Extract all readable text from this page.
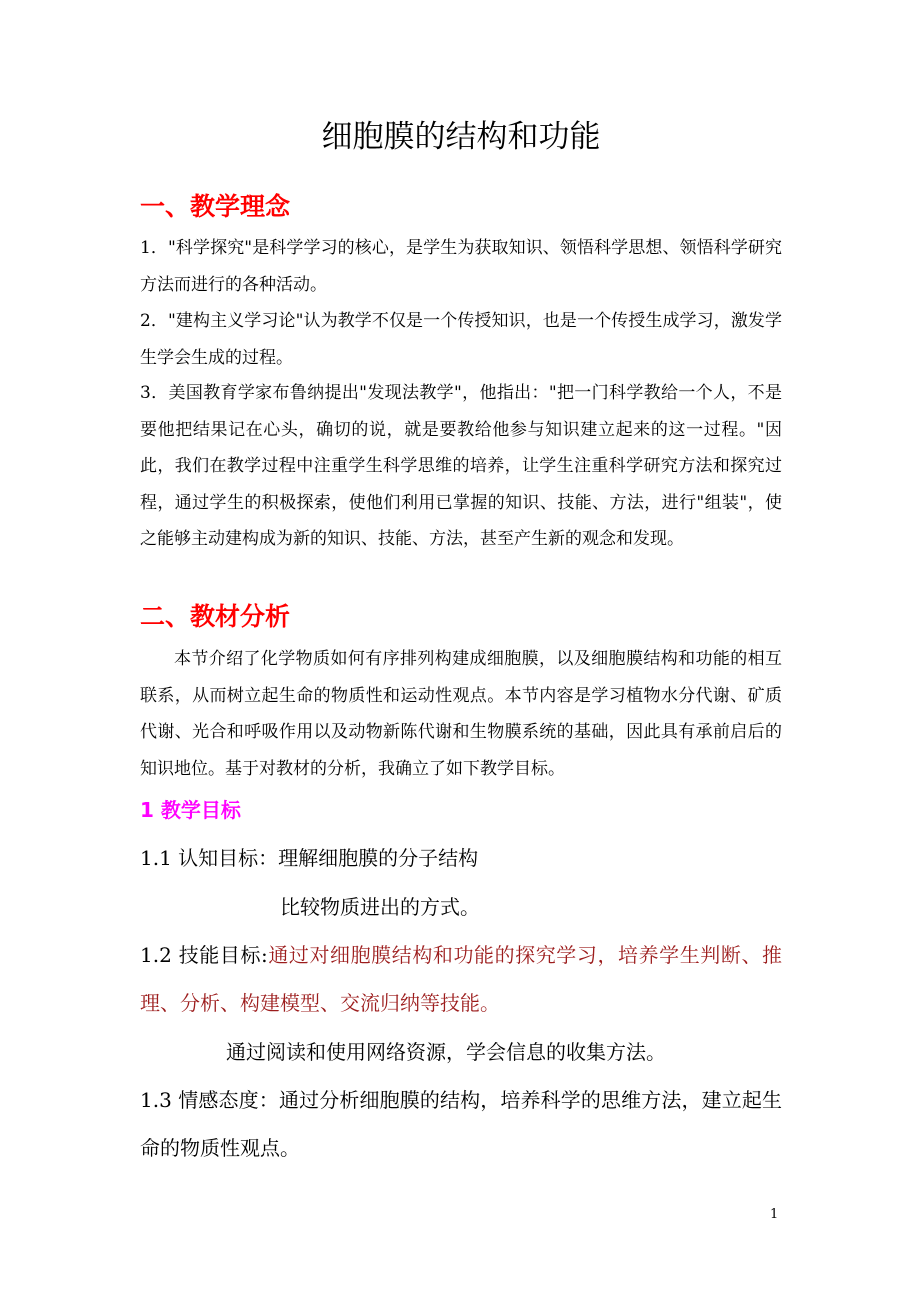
细胞膜的结构和功能
一、教学理念
1．"科学探究"是科学学习的核心，是学生为获取知识、领悟科学思想、领悟科学研究方法而进行的各种活动。
2．"建构主义学习论"认为教学不仅是一个传授知识，也是一个传授生成学习，激发学生学会生成的过程。
3．美国教育学家布鲁纳提出"发现法教学"，他指出："把一门科学教给一个人，不是要他把结果记在心头，确切的说，就是要教给他参与知识建立起来的这一过程。"因此，我们在教学过程中注重学生科学思维的培养，让学生注重科学研究方法和探究过程，通过学生的积极探索，使他们利用已掌握的知识、技能、方法，进行"组装"，使之能够主动建构成为新的知识、技能、方法，甚至产生新的观念和发现。
二、教材分析
本节介绍了化学物质如何有序排列构建成细胞膜，以及细胞膜结构和功能的相互联系，从而树立起生命的物质性和运动性观点。本节内容是学习植物水分代谢、矿质代谢、光合和呼吸作用以及动物新陈代谢和生物膜系统的基础，因此具有承前启后的知识地位。基于对教材的分析，我确立了如下教学目标。
1 教学目标
1.1 认知目标：理解细胞膜的分子结构
比较物质进出的方式。
1.2 技能目标:通过对细胞膜结构和功能的探究学习，培养学生判断、推理、分析、构建模型、交流归纳等技能。
通过阅读和使用网络资源，学会信息的收集方法。
1.3 情感态度：通过分析细胞膜的结构，培养科学的思维方法，建立起生命的物质性观点。
1
